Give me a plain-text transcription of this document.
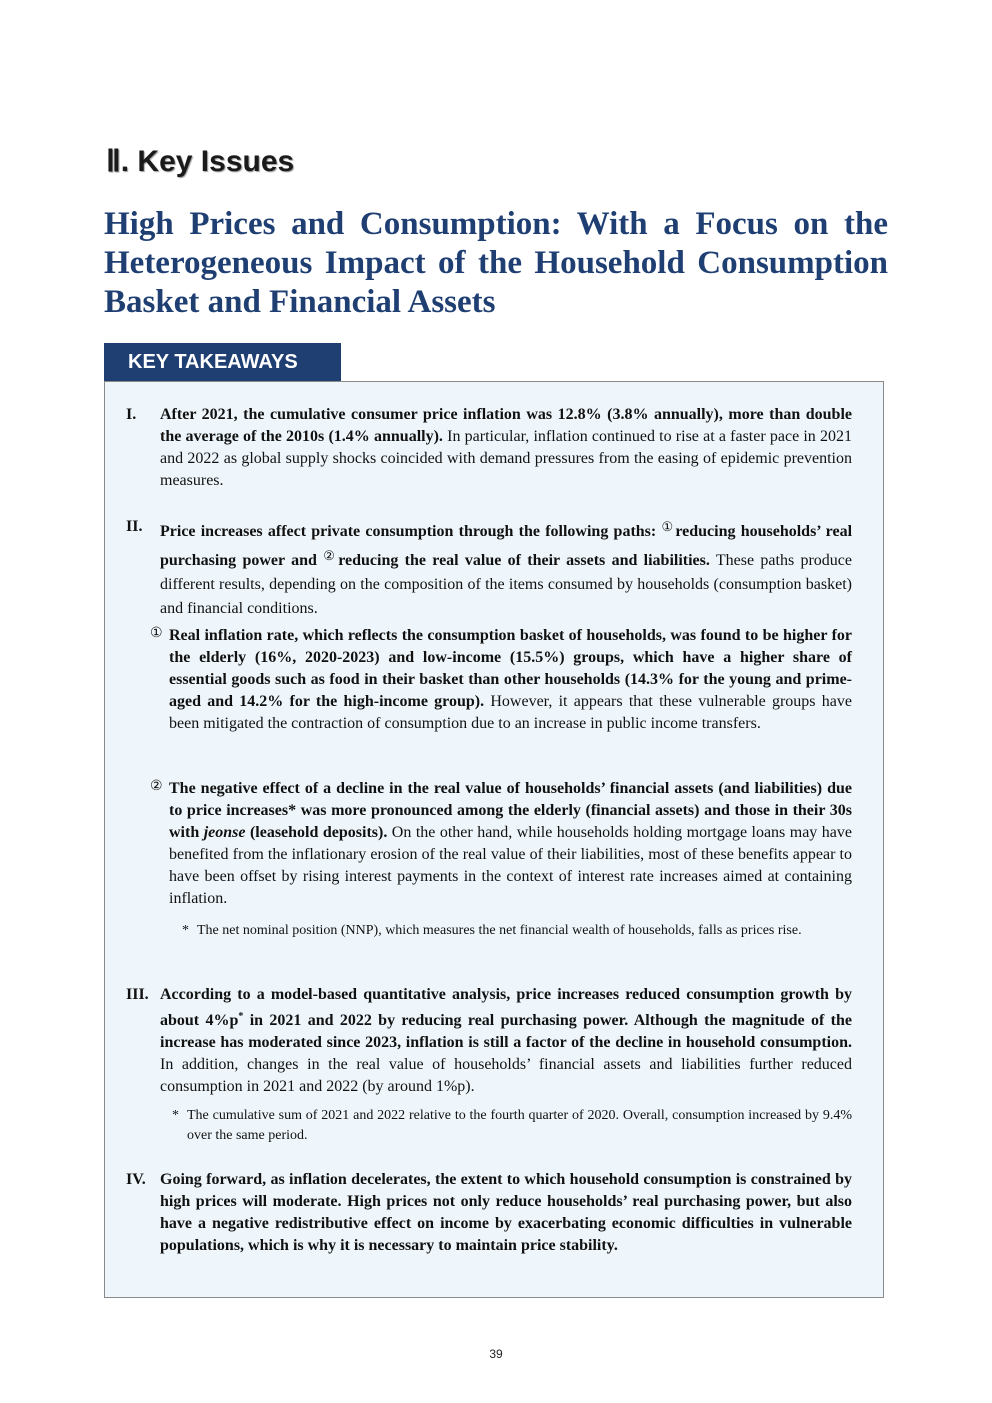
Ⅱ. Key Issues
High Prices and Consumption: With a Focus on the Heterogeneous Impact of the Household Consumption Basket and Financial Assets
KEY TAKEAWAYS
I. After 2021, the cumulative consumer price inflation was 12.8% (3.8% annually), more than double the average of the 2010s (1.4% annually). In particular, inflation continued to rise at a faster pace in 2021 and 2022 as global supply shocks coincided with demand pressures from the easing of epidemic prevention measures.
II. Price increases affect private consumption through the following paths: ①reducing households’ real purchasing power and ②reducing the real value of their assets and liabilities. These paths produce different results, depending on the composition of the items consumed by households (consumption basket) and financial conditions.
① Real inflation rate, which reflects the consumption basket of households, was found to be higher for the elderly (16%, 2020-2023) and low-income (15.5%) groups, which have a higher share of essential goods such as food in their basket than other households (14.3% for the young and prime-aged and 14.2% for the high-income group). However, it appears that these vulnerable groups have been mitigated the contraction of consumption due to an increase in public income transfers.
② The negative effect of a decline in the real value of households’ financial assets (and liabilities) due to price increases* was more pronounced among the elderly (financial assets) and those in their 30s with jeonse (leasehold deposits). On the other hand, while households holding mortgage loans may have benefited from the inflationary erosion of the real value of their liabilities, most of these benefits appear to have been offset by rising interest payments in the context of interest rate increases aimed at containing inflation.
* The net nominal position (NNP), which measures the net financial wealth of households, falls as prices rise.
III. According to a model-based quantitative analysis, price increases reduced consumption growth by about 4%p* in 2021 and 2022 by reducing real purchasing power. Although the magnitude of the increase has moderated since 2023, inflation is still a factor of the decline in household consumption. In addition, changes in the real value of households’ financial assets and liabilities further reduced consumption in 2021 and 2022 (by around 1%p).
* The cumulative sum of 2021 and 2022 relative to the fourth quarter of 2020. Overall, consumption increased by 9.4% over the same period.
IV. Going forward, as inflation decelerates, the extent to which household consumption is constrained by high prices will moderate. High prices not only reduce households’ real purchasing power, but also have a negative redistributive effect on income by exacerbating economic difficulties in vulnerable populations, which is why it is necessary to maintain price stability.
39
